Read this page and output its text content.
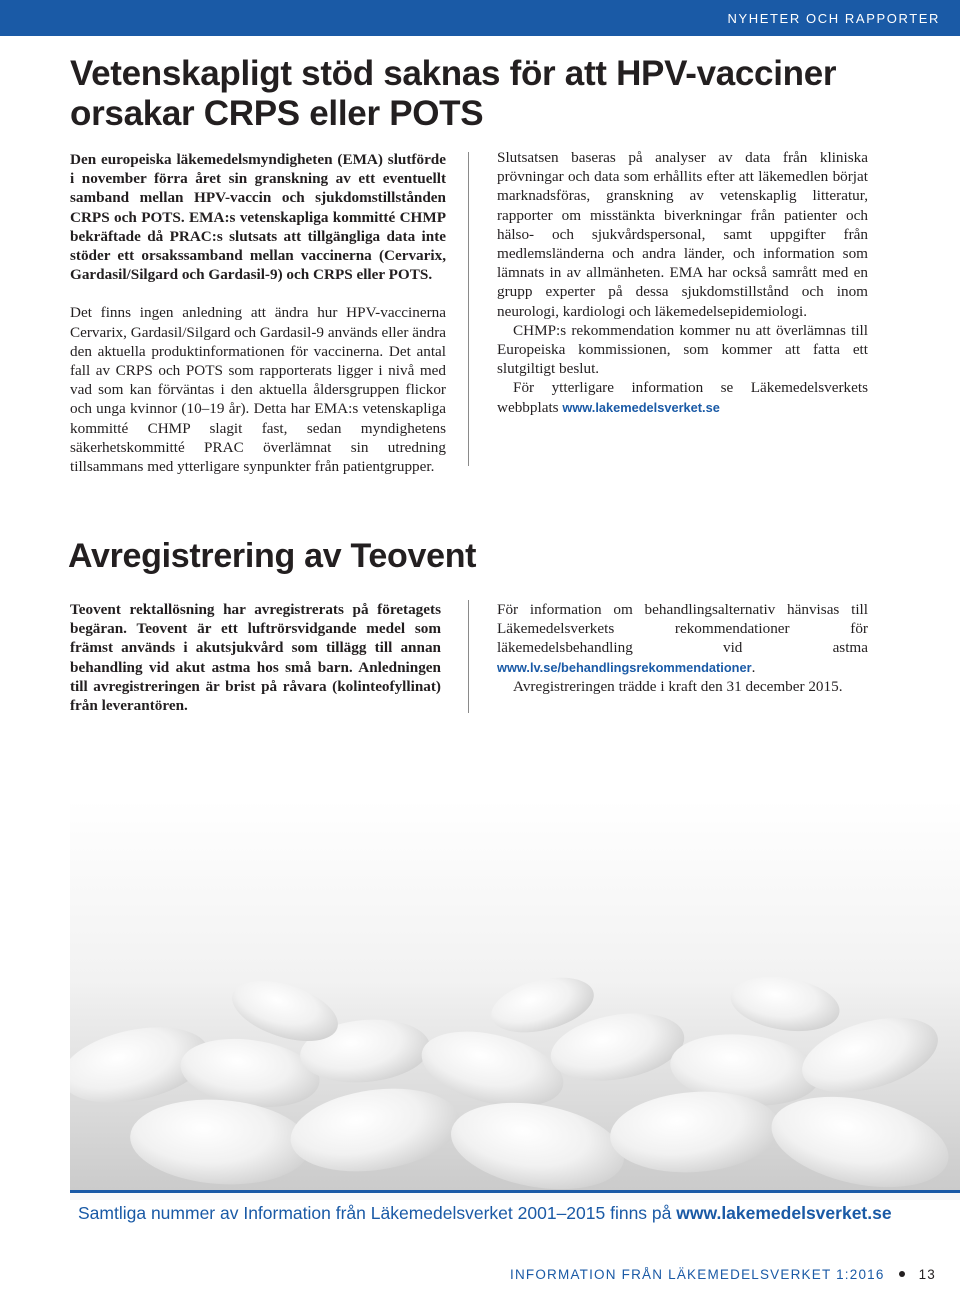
NYHETER OCH RAPPORTER
Vetenskapligt stöd saknas för att HPV-vacciner orsakar CRPS eller POTS

Den europeiska läkemedelsmyndigheten (EMA) slutförde i november förra året sin granskning av ett eventuellt samband mellan HPV-vaccin och sjukdomstillstånden CRPS och POTS. EMA:s vetenskapliga kommitté CHMP bekräftade då PRAC:s slutsats att tillgängliga data inte stöder ett orsakssamband mellan vaccinerna (Cervarix, Gardasil/Silgard och Gardasil-9) och CRPS eller POTS.

Det finns ingen anledning att ändra hur HPV-vaccinerna Cervarix, Gardasil/Silgard och Gardasil-9 används eller ändra den aktuella produktinformationen för vaccinerna. Det antal fall av CRPS och POTS som rapporterats ligger i nivå med vad som kan förväntas i den aktuella åldersgruppen flickor och unga kvinnor (10–19 år). Detta har EMA:s vetenskapliga kommitté CHMP slagit fast, sedan myndighetens säkerhetskommitté PRAC överlämnat sin utredning tillsammans med ytterligare synpunkter från patientgrupper.

Slutsatsen baseras på analyser av data från kliniska prövningar och data som erhållits efter att läkemedlen börjat marknadsföras, granskning av vetenskaplig litteratur, rapporter om misstänkta biverkningar från patienter och hälso- och sjukvårdspersonal, samt uppgifter från medlemsländerna och andra länder, och information som lämnats in av allmänheten. EMA har också samrått med en grupp experter på dessa sjukdomstillstånd och inom neurologi, kardiologi och läkemedelsepidemiologi.

CHMP:s rekommendation kommer nu att överlämnas till Europeiska kommissionen, som kommer att fatta ett slutgiltigt beslut.

För ytterligare information se Läkemedelsverkets webbplats www.lakemedelsverket.se

Avregistrering av Teovent

Teovent rektallösning har avregistrerats på företagets begäran. Teovent är ett luftrörsvidgande medel som främst används i akutsjukvård som tillägg till annan behandling vid akut astma hos små barn. Anledningen till avregistreringen är brist på råvara (kolinteofyllinat) från leverantören.

För information om behandlingsalternativ hänvisas till Läkemedelsverkets rekommendationer för läkemedelsbehandling vid astma www.lv.se/behandlingsrekommendationer.

Avregistreringen trädde i kraft den 31 december 2015.

Samtliga nummer av Information från Läkemedelsverket 2001–2015 finns på www.lakemedelsverket.se
INFORMATION FRÅN LÄKEMEDELSVERKET 1:2016	13
